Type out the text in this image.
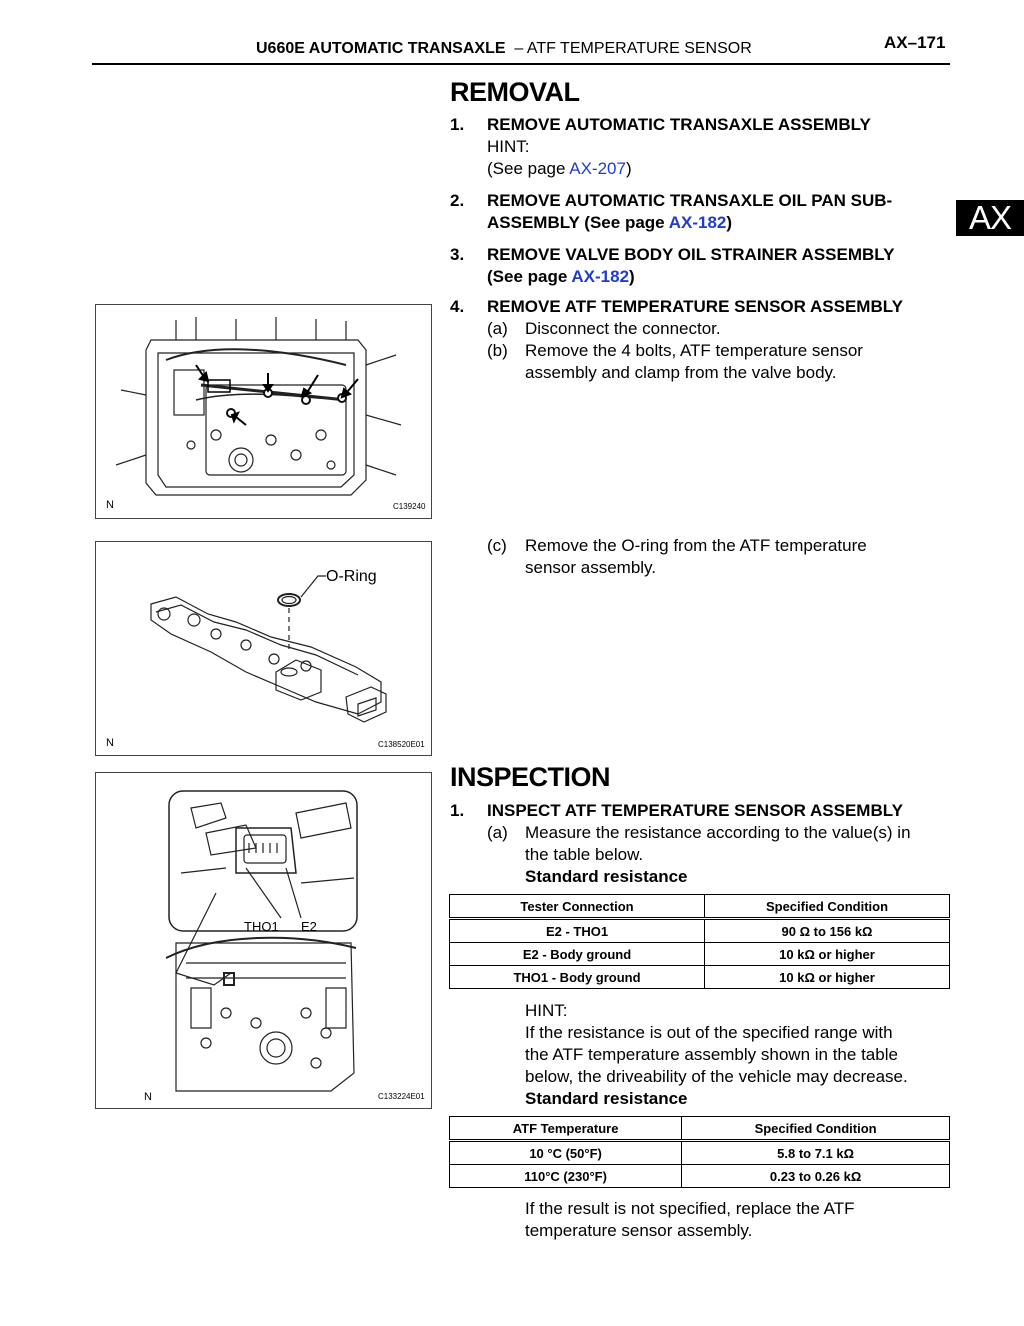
U660E AUTOMATIC TRANSAXLE – ATF TEMPERATURE SENSOR	AX–171
AX
REMOVAL
1. REMOVE AUTOMATIC TRANSAXLE ASSEMBLY
HINT:
(See page AX-207)
2. REMOVE AUTOMATIC TRANSAXLE OIL PAN SUB-
ASSEMBLY (See page AX-182)
3. REMOVE VALVE BODY OIL STRAINER ASSEMBLY
(See page AX-182)
4. REMOVE ATF TEMPERATURE SENSOR ASSEMBLY
(a) Disconnect the connector.
(b) Remove the 4 bolts, ATF temperature sensor
assembly and clamp from the valve body.
(c) Remove the O-ring from the ATF temperature
sensor assembly.
N	C139240
O-Ring
N	C138520E01
THO1 E2
N	C133224E01
INSPECTION
1. INSPECT ATF TEMPERATURE SENSOR ASSEMBLY
(a) Measure the resistance according to the value(s) in
the table below.
Standard resistance
Tester Connection	Specified Condition
E2 - THO1	90 Ω to 156 kΩ
E2 - Body ground	10 kΩ or higher
THO1 - Body ground	10 kΩ or higher
HINT:
If the resistance is out of the specified range with
the ATF temperature assembly shown in the table
below, the driveability of the vehicle may decrease.
Standard resistance
ATF Temperature	Specified Condition
10 °C (50°F)	5.8 to 7.1 kΩ
110°C (230°F)	0.23 to 0.26 kΩ
If the result is not specified, replace the ATF
temperature sensor assembly.
